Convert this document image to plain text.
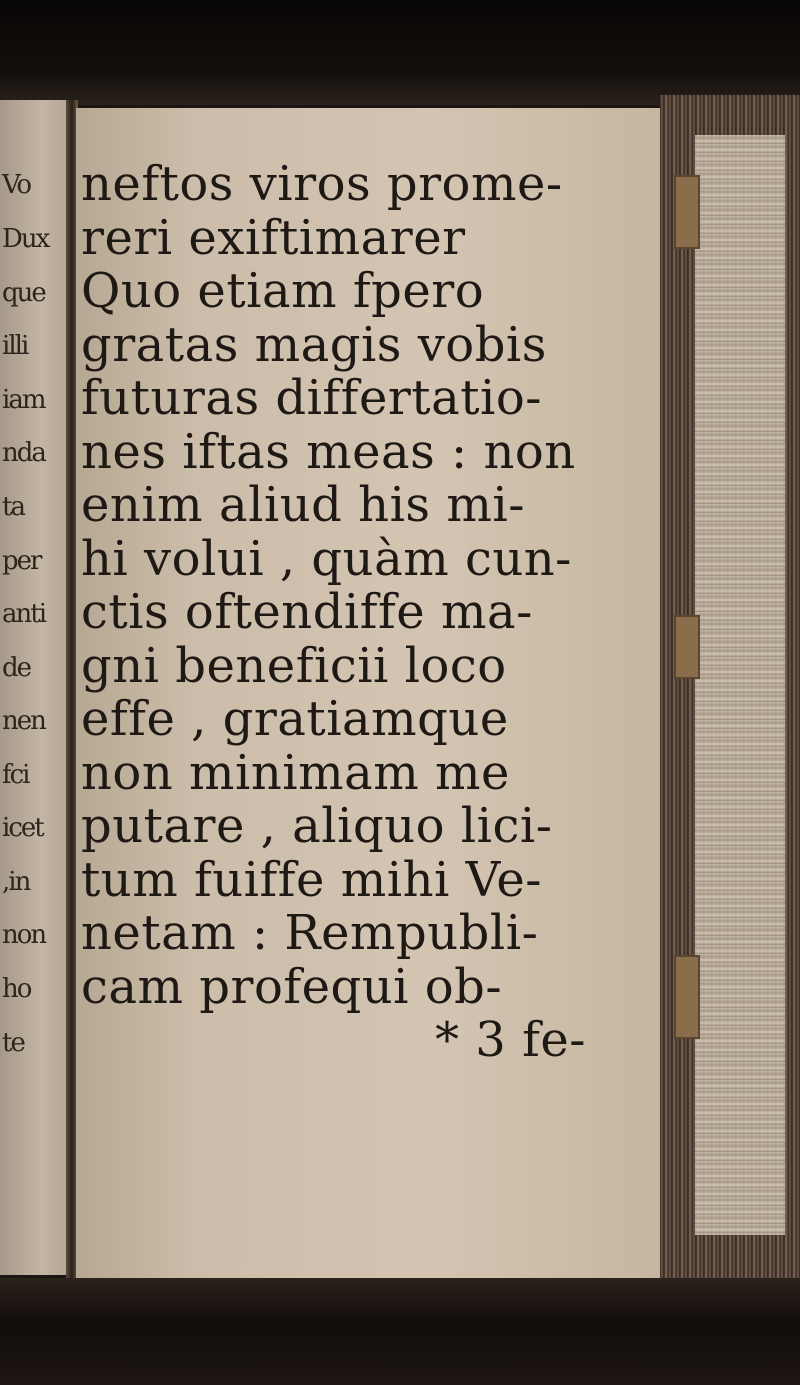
Vo
Dux
que
illi
iam
nda
ta
per
anti
de
nen
fci
icet
,in
non
ho
te
neftos viros prome-
reri exiftimarer
Quo etiam fpero
gratas magis vobis
futuras differtatio-
nes iftas meas : non
enim aliud his mi-
hi volui , quàm cun-
ctis oftendiffe ma-
gni beneficii loco
effe , gratiamque
non minimam me
putare , aliquo lici-
tum fuiffe mihi Ve-
netam : Rempubli-
cam profequi ob-
* 3 fe-
